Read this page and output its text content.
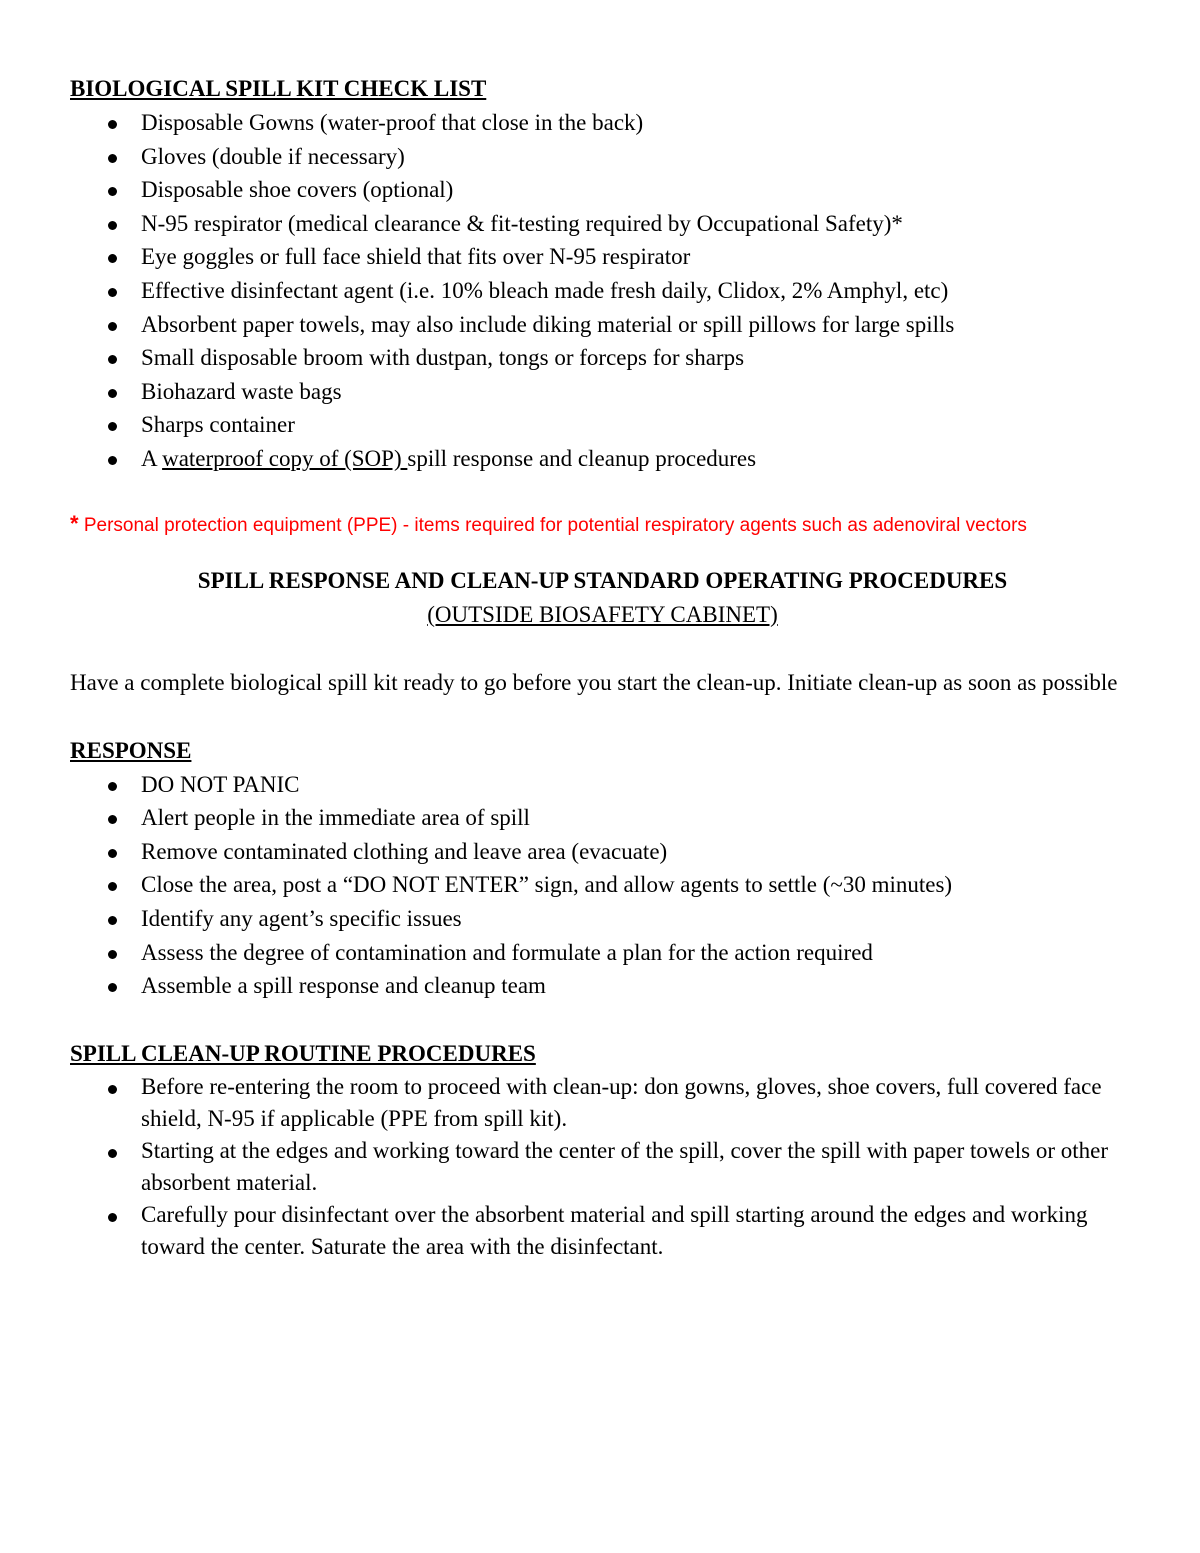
BIOLOGICAL SPILL KIT CHECK LIST
Disposable Gowns (water-proof that close in the back)
Gloves (double if necessary)
Disposable shoe covers (optional)
N-95 respirator (medical clearance & fit-testing required by Occupational Safety)*
Eye goggles or full face shield that fits over N-95 respirator
Effective disinfectant agent (i.e. 10% bleach made fresh daily, Clidox, 2% Amphyl, etc)
Absorbent paper towels, may also include diking material or spill pillows for large spills
Small disposable broom with dustpan, tongs or forceps for sharps
Biohazard waste bags
Sharps container
A waterproof copy of (SOP) spill response and cleanup procedures
* Personal protection equipment (PPE) - items required for potential respiratory agents such as adenoviral vectors
SPILL RESPONSE AND CLEAN-UP STANDARD OPERATING PROCEDURES
(OUTSIDE BIOSAFETY CABINET)
Have a complete biological spill kit ready to go before you start the clean-up. Initiate clean-up as soon as possible
RESPONSE
DO NOT PANIC
Alert people in the immediate area of spill
Remove contaminated clothing and leave area (evacuate)
Close the area, post a “DO NOT ENTER” sign, and allow agents to settle (~30 minutes)
Identify any agent’s specific issues
Assess the degree of contamination and formulate a plan for the action required
Assemble a spill response and cleanup team
SPILL CLEAN-UP ROUTINE PROCEDURES
Before re-entering the room to proceed with clean-up: don gowns, gloves, shoe covers, full covered face shield, N-95 if applicable (PPE from spill kit).
Starting at the edges and working toward the center of the spill, cover the spill with paper towels or other absorbent material.
Carefully pour disinfectant over the absorbent material and spill starting around the edges and working toward the center. Saturate the area with the disinfectant.
